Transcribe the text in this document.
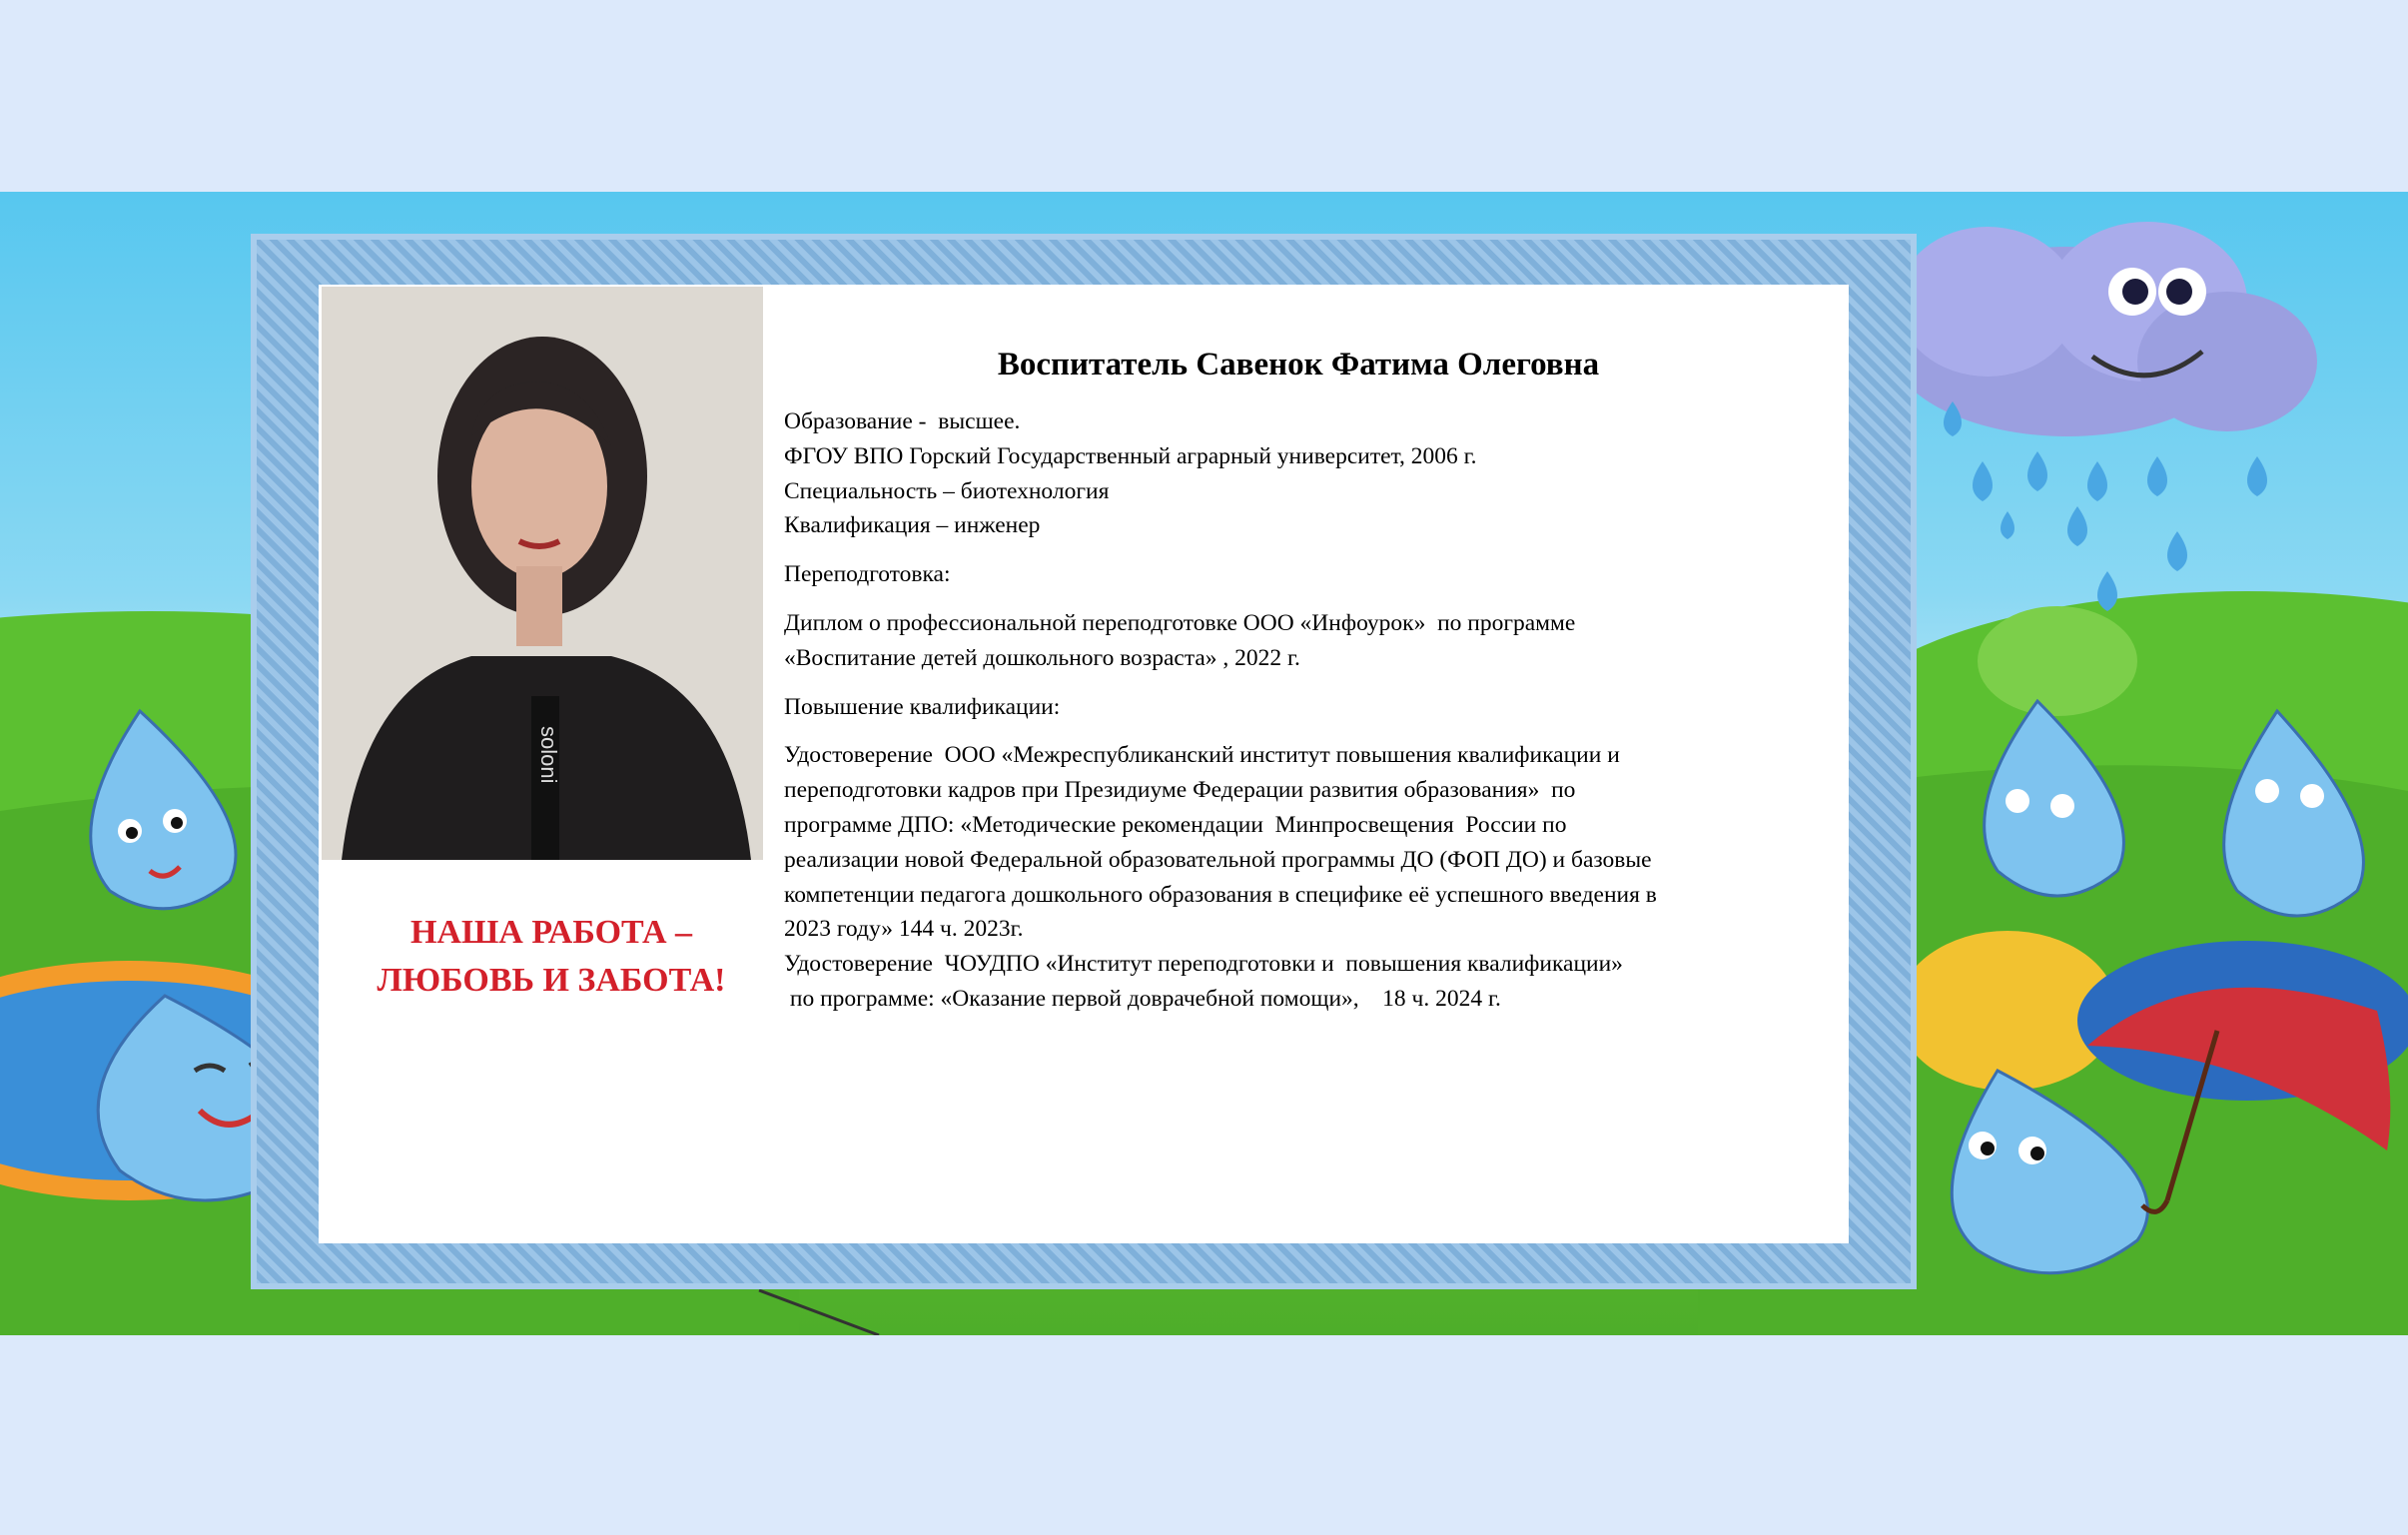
soloni
НАША РАБОТА –
ЛЮБОВЬ И ЗАБОТА!
Воспитатель Савенок Фатима Олеговна

Образование -  высшее.

ФГОУ ВПО Горский Государственный аграрный университет, 2006 г.

Специальность – биотехнология

Квалификация – инженер

Переподготовка:

Диплом о профессиональной переподготовке ООО «Инфоурок»  по программе

«Воспитание детей дошкольного возраста» , 2022 г.

Повышение квалификации:

Удостоверение  ООО «Межреспубликанский институт повышения квалификации и

переподготовки кадров при Президиуме Федерации развития образования»  по

программе ДПО: «Методические рекомендации  Минпросвещения  России по

реализации новой Федеральной образовательной программы ДО (ФОП ДО) и базовые

компетенции педагога дошкольного образования в специфике её успешного введения в

2023 году» 144 ч. 2023г.

Удостоверение  ЧОУДПО «Институт переподготовки и  повышения квалификации»

по программе: «Оказание первой доврачебной помощи»,    18 ч. 2024 г.
